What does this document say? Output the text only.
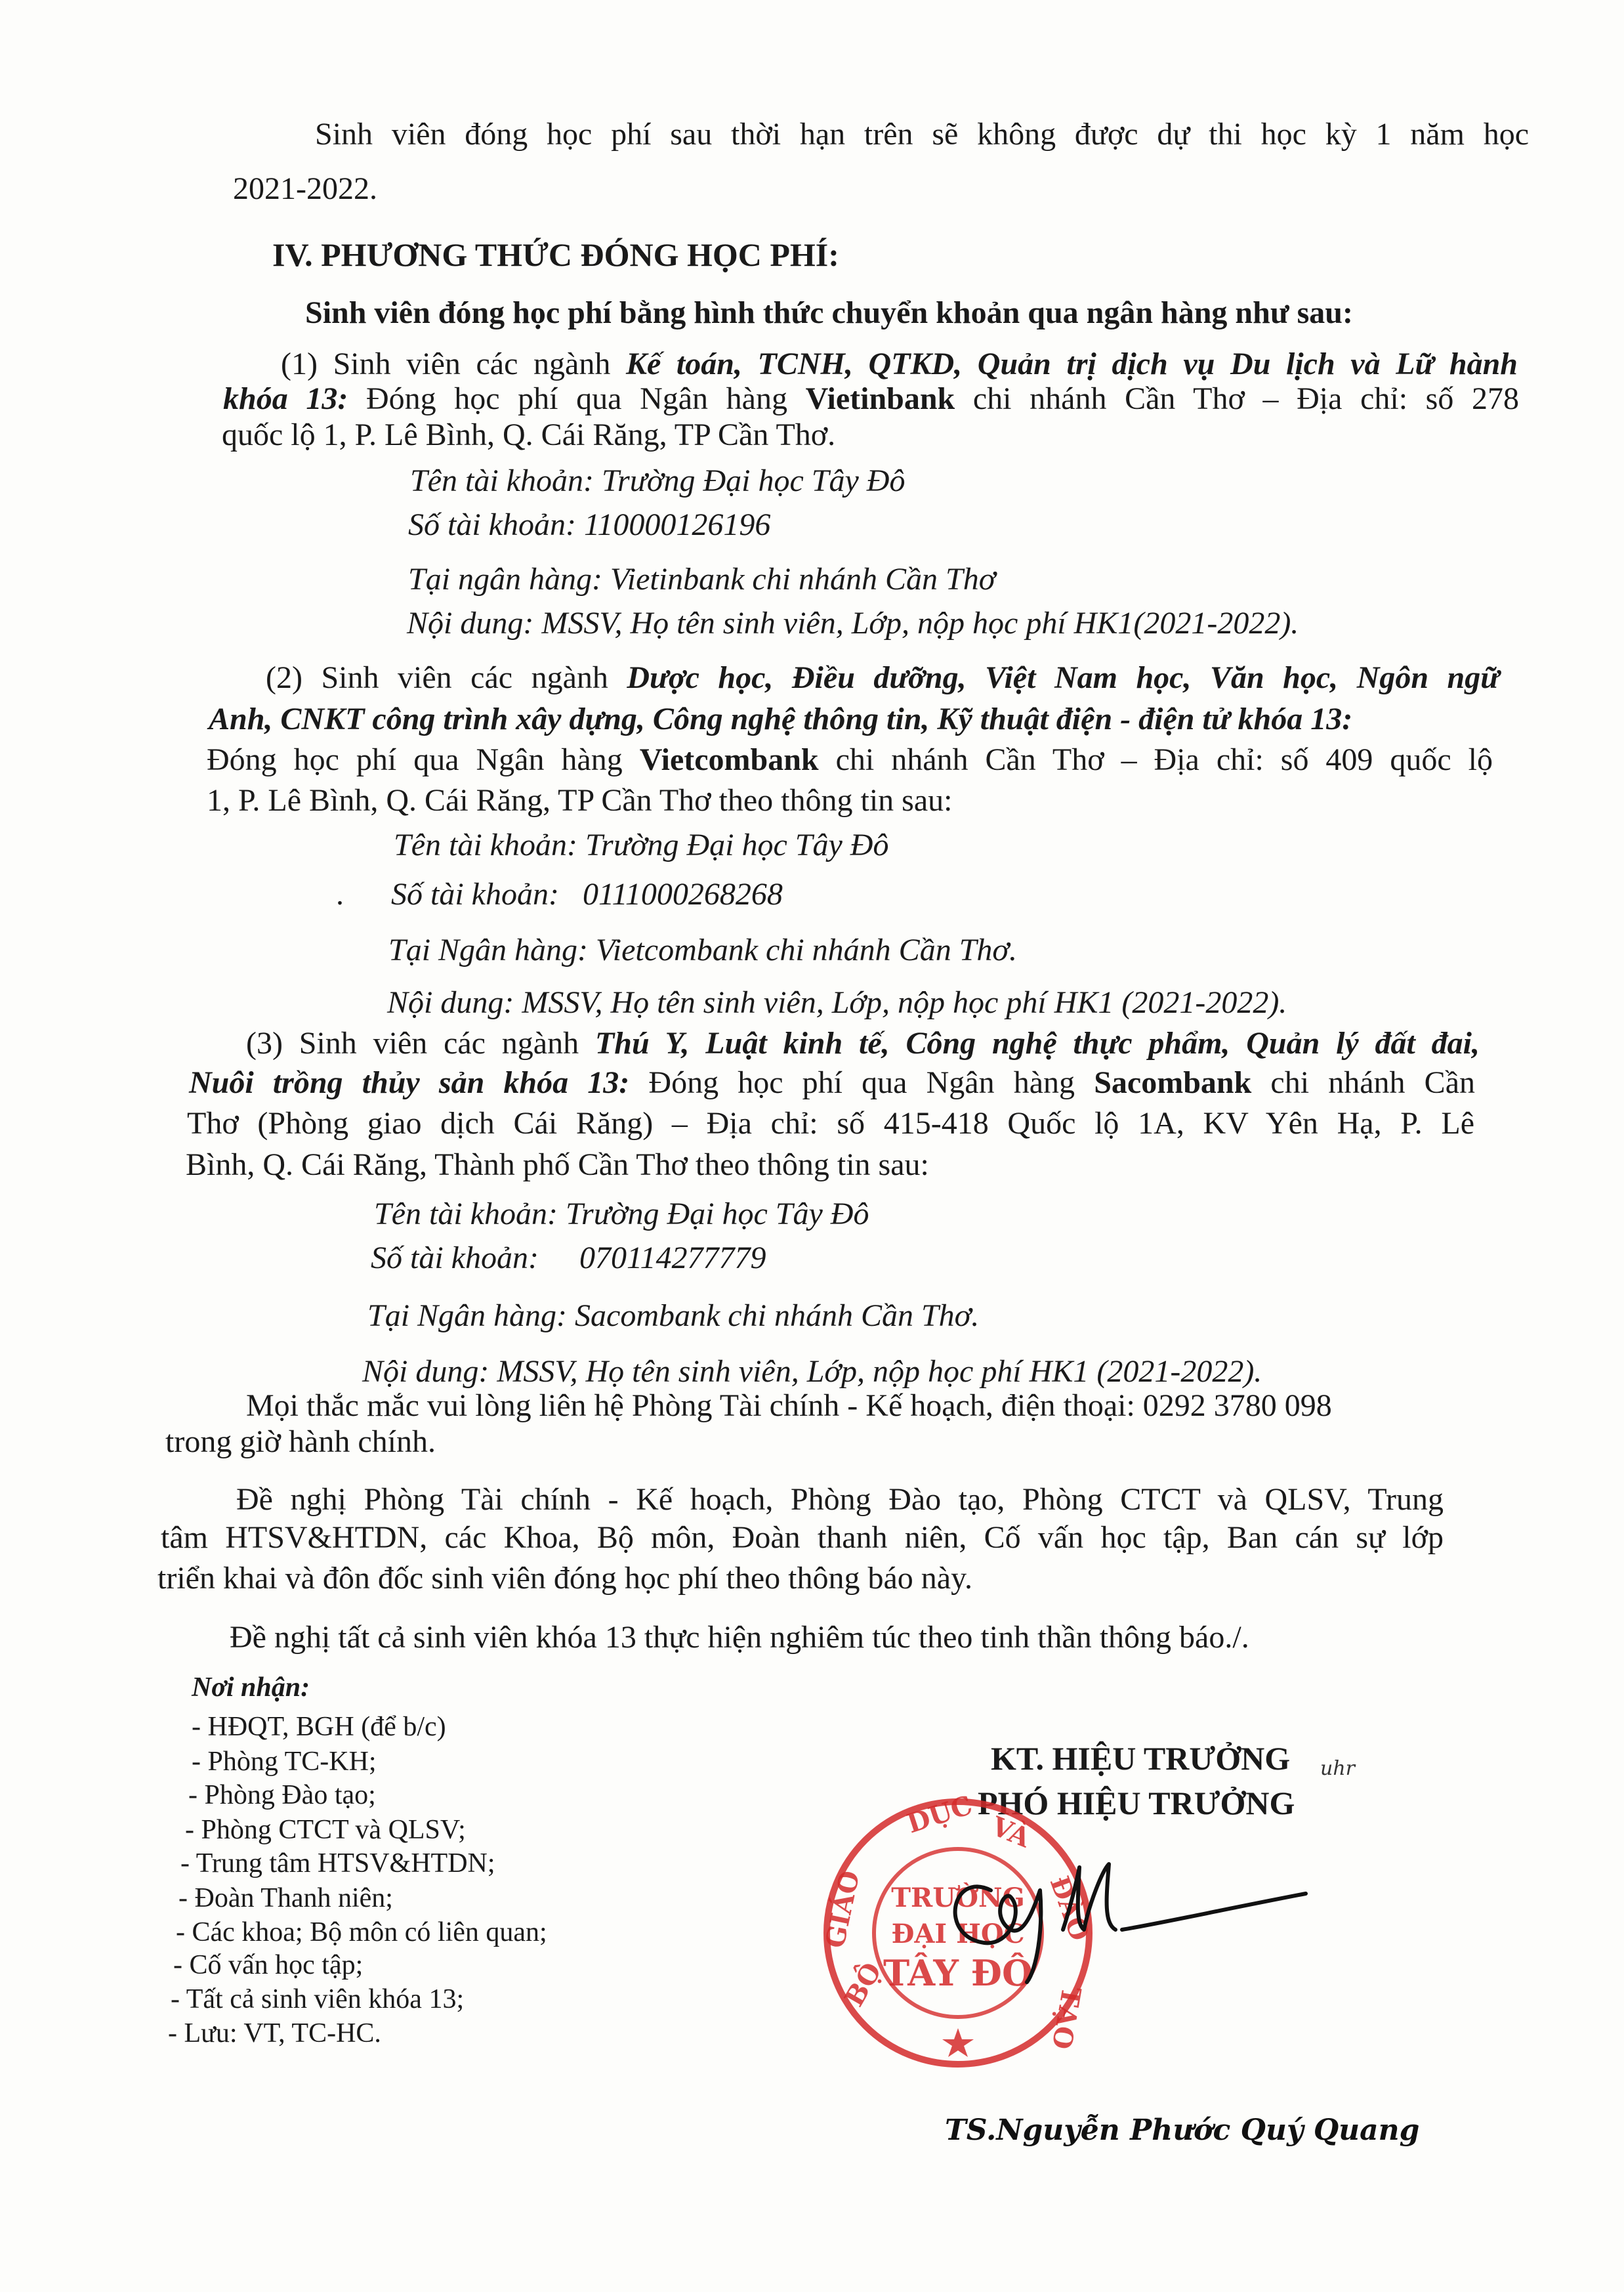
Sinh viên đóng học phí sau thời hạn trên sẽ không được dự thi học kỳ 1 năm học
2021-2022.
IV. PHƯƠNG THỨC ĐÓNG HỌC PHÍ:
Sinh viên đóng học phí bằng hình thức chuyển khoản qua ngân hàng như sau:
(1) Sinh viên các ngành Kế toán, TCNH, QTKD, Quản trị dịch vụ Du lịch và Lữ hành
khóa 13: Đóng học phí qua Ngân hàng Vietinbank chi nhánh Cần Thơ – Địa chỉ: số 278
quốc lộ 1, P. Lê Bình, Q. Cái Răng, TP Cần Thơ.
Tên tài khoản: Trường Đại học Tây Đô
Số tài khoản: 110000126196
Tại ngân hàng: Vietinbank chi nhánh Cần Thơ
Nội dung: MSSV, Họ tên sinh viên, Lớp, nộp học phí HK1(2021-2022).
(2) Sinh viên các ngành Dược học, Điều dưỡng, Việt Nam học, Văn học, Ngôn ngữ
Anh, CNKT công trình xây dựng, Công nghệ thông tin, Kỹ thuật điện - điện tử khóa 13:
Đóng học phí qua Ngân hàng Vietcombank chi nhánh Cần Thơ – Địa chỉ: số 409 quốc lộ
1, P. Lê Bình, Q. Cái Răng, TP Cần Thơ theo thông tin sau:
Tên tài khoản: Trường Đại học Tây Đô
. Số tài khoản: 0111000268268
Tại Ngân hàng: Vietcombank chi nhánh Cần Thơ.
Nội dung: MSSV, Họ tên sinh viên, Lớp, nộp học phí HK1 (2021-2022).
(3) Sinh viên các ngành Thú Y, Luật kinh tế, Công nghệ thực phẩm, Quản lý đất đai,
Nuôi trồng thủy sản khóa 13: Đóng học phí qua Ngân hàng Sacombank chi nhánh Cần
Thơ (Phòng giao dịch Cái Răng) – Địa chỉ: số 415-418 Quốc lộ 1A, KV Yên Hạ, P. Lê
Bình, Q. Cái Răng, Thành phố Cần Thơ theo thông tin sau:
Tên tài khoản: Trường Đại học Tây Đô
Số tài khoản: 070114277779
Tại Ngân hàng: Sacombank chi nhánh Cần Thơ.
Nội dung: MSSV, Họ tên sinh viên, Lớp, nộp học phí HK1 (2021-2022).
Mọi thắc mắc vui lòng liên hệ Phòng Tài chính - Kế hoạch, điện thoại: 0292 3780 098
trong giờ hành chính.
Đề nghị Phòng Tài chính - Kế hoạch, Phòng Đào tạo, Phòng CTCT và QLSV, Trung
tâm HTSV&HTDN, các Khoa, Bộ môn, Đoàn thanh niên, Cố vấn học tập, Ban cán sự lớp
triển khai và đôn đốc sinh viên đóng học phí theo thông báo này.
Đề nghị tất cả sinh viên khóa 13 thực hiện nghiêm túc theo tinh thần thông báo./.
Nơi nhận:
- HĐQT, BGH (để b/c)
- Phòng TC-KH;
- Phòng Đào tạo;
- Phòng CTCT và QLSV;
- Trung tâm HTSV&HTDN;
- Đoàn Thanh niên;
- Các khoa; Bộ môn có liên quan;
- Cố vấn học tập;
- Tất cả sinh viên khóa 13;
- Lưu: VT, TC-HC.
KT. HIỆU TRƯỞNG
PHÓ HIỆU TRƯỞNG
uhr
BỘ
GIÁO
DỤC VÀ
ĐÀO
TẠO
TRƯỜNG
ĐẠI HỌC
TÂY ĐÔ
TS.Nguyễn Phước Quý Quang
